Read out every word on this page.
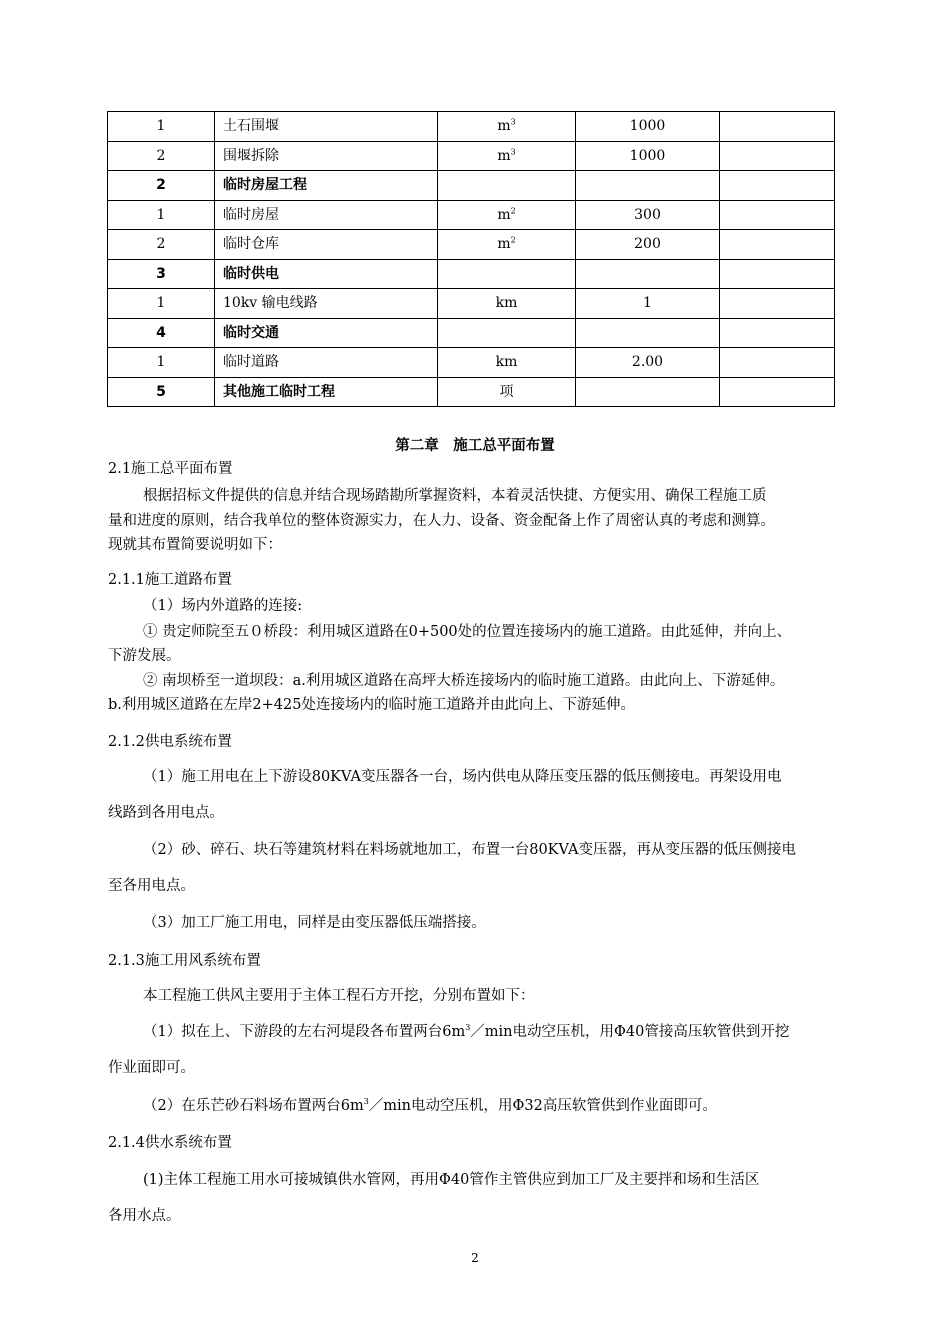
1	土石围堰	$m^3$	1000	
2	围堰拆除	$m^3$	1000	
2	临时房屋工程			
1	临时房屋	$m^2$	300	
2	临时仓库	$m^2$	200	
3	临时供电			
1	10kv 输电线路	km	1	
4	临时交通			
1	临时道路	km	2.00	
5	其他施工临时工程	项		
第二章　施工总平面布置
2.1施工总平面布置
根据招标文件提供的信息并结合现场踏勘所掌握资料，本着灵活快捷、方便实用、确保工程施工质
量和进度的原则，结合我单位的整体资源实力，在人力、设备、资金配备上作了周密认真的考虑和测算。
现就其布置简要说明如下：
2.1.1施工道路布置
（1）场内外道路的连接:
① 贵定师院至五０桥段：利用城区道路在0+500处的位置连接场内的施工道路。由此延伸，并向上、
下游发展。
② 南坝桥至一道坝段：a.利用城区道路在高坪大桥连接场内的临时施工道路。由此向上、下游延伸。
b.利用城区道路在左岸2+425处连接场内的临时施工道路并由此向上、下游延伸。
2.1.2供电系统布置
（1）施工用电在上下游设80KVA变压器各一台，场内供电从降压变压器的低压侧接电。再架设用电
线路到各用电点。
（2）砂、碎石、块石等建筑材料在料场就地加工，布置一台80KVA变压器，再从变压器的低压侧接电
至各用电点。
（3）加工厂施工用电，同样是由变压器低压端搭接。
2.1.3施工用风系统布置
本工程施工供风主要用于主体工程石方开挖，分别布置如下：
（1）拟在上、下游段的左右河堤段各布置两台$6m^3/\min$电动空压机，用Φ40管接高压软管供到开挖
作业面即可。
（2）在乐芒砂石料场布置两台$6m^3/\min$电动空压机，用Φ32高压软管供到作业面即可。
2.1.4供水系统布置
(1)主体工程施工用水可接城镇供水管网，再用Φ40管作主管供应到加工厂及主要拌和场和生活区
各用水点。
2
